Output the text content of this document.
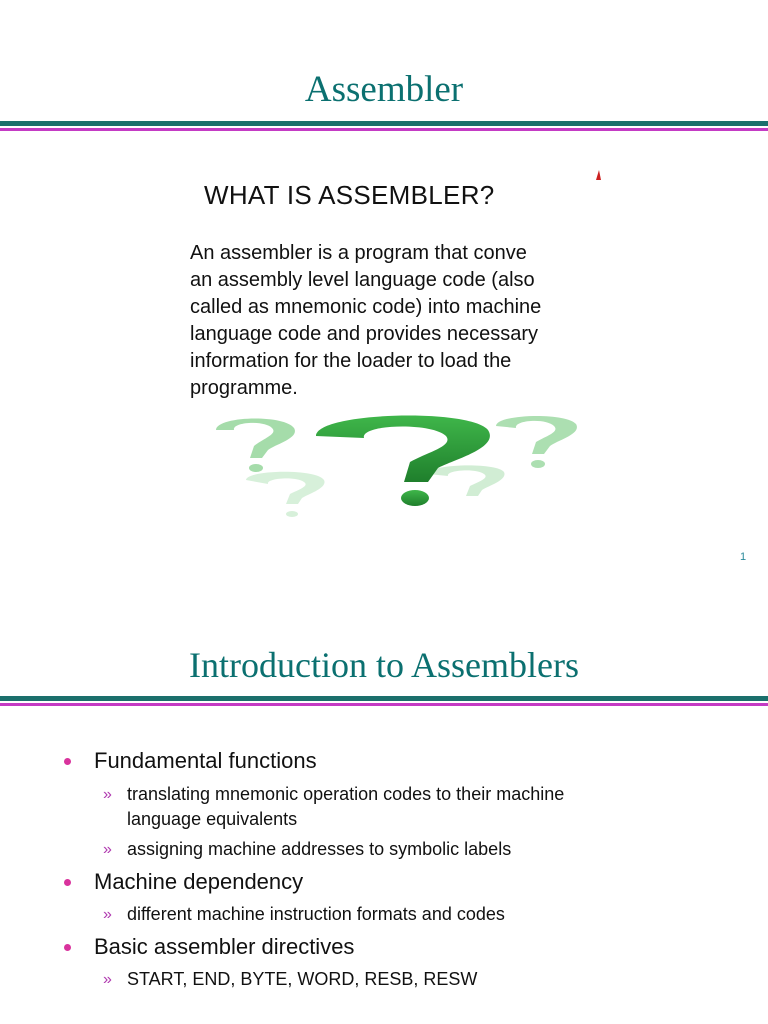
Assembler
WHAT IS ASSEMBLER?
An assembler is a program that conve
an assembly level language code (also
called as mnemonic code) into machine
language code and provides necessary
information for the loader to load the
programme.
1
Introduction to Assemblers
Fundamental functions
» translating mnemonic operation codes to their machine
language equivalents
» assigning machine addresses to symbolic labels
Machine dependency
» different machine instruction formats and codes
Basic assembler directives
» START, END, BYTE, WORD, RESB, RESW
